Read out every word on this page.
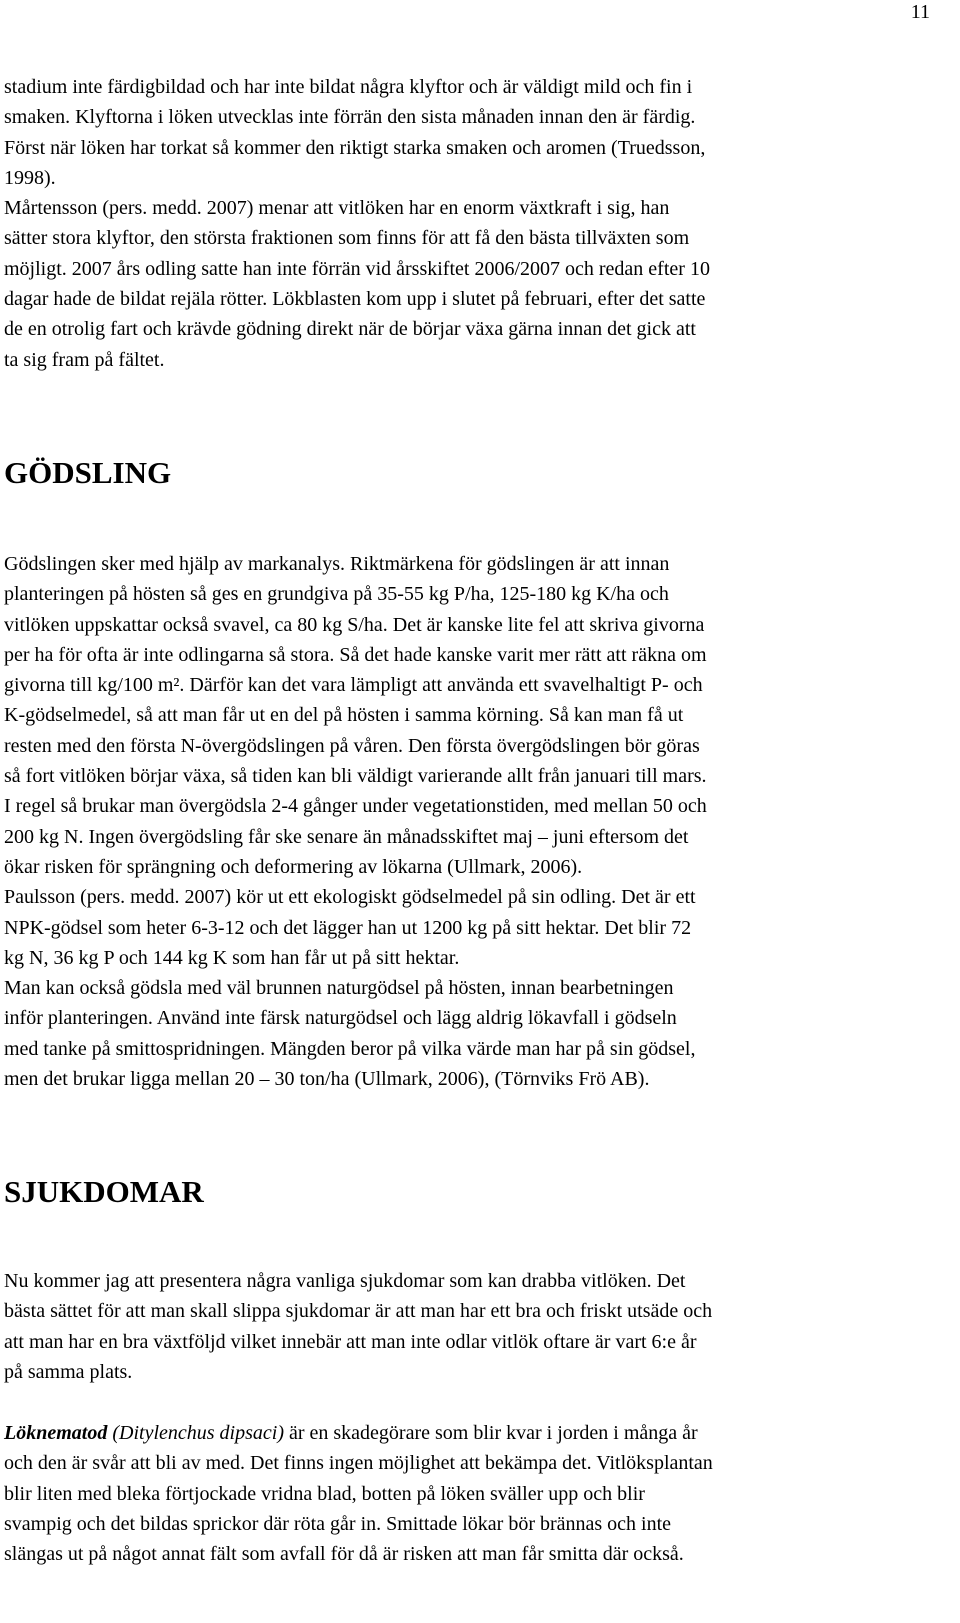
11
stadium inte färdigbildad och har inte bildat några klyftor och är väldigt mild och fin i
smaken. Klyftorna i löken utvecklas inte förrän den sista månaden innan den är färdig.
Först när löken har torkat så kommer den riktigt starka smaken och aromen (Truedsson,
1998).
Mårtensson (pers. medd. 2007) menar att vitlöken har en enorm växtkraft i sig, han
sätter stora klyftor, den största fraktionen som finns för att få den bästa tillväxten som
möjligt. 2007 års odling satte han inte förrän vid årsskiftet 2006/2007 och redan efter 10
dagar hade de bildat rejäla rötter. Lökblasten kom upp i slutet på februari, efter det satte
de en otrolig fart och krävde gödning direkt när de börjar växa gärna innan det gick att
ta sig fram på fältet.
GÖDSLING
Gödslingen sker med hjälp av markanalys. Riktmärkena för gödslingen är att innan
planteringen på hösten så ges en grundgiva på 35-55 kg P/ha, 125-180 kg K/ha och
vitlöken uppskattar också svavel, ca 80 kg S/ha. Det är kanske lite fel att skriva givorna
per ha för ofta är inte odlingarna så stora. Så det hade kanske varit mer rätt att räkna om
givorna till kg/100 m². Därför kan det vara lämpligt att använda ett svavelhaltigt P- och
K-gödselmedel, så att man får ut en del på hösten i samma körning. Så kan man få ut
resten med den första N-övergödslingen på våren. Den första övergödslingen bör göras
så fort vitlöken börjar växa, så tiden kan bli väldigt varierande allt från januari till mars.
I regel så brukar man övergödsla 2-4 gånger under vegetationstiden, med mellan 50 och
200 kg N. Ingen övergödsling får ske senare än månadsskiftet maj – juni eftersom det
ökar risken för sprängning och deformering av lökarna (Ullmark, 2006).
Paulsson (pers. medd. 2007) kör ut ett ekologiskt gödselmedel på sin odling. Det är ett
NPK-gödsel som heter 6-3-12 och det lägger han ut 1200 kg på sitt hektar. Det blir 72
kg N, 36 kg P och 144 kg K som han får ut på sitt hektar.
Man kan också gödsla med väl brunnen naturgödsel på hösten, innan bearbetningen
inför planteringen. Använd inte färsk naturgödsel och lägg aldrig lökavfall i gödseln
med tanke på smittospridningen. Mängden beror på vilka värde man har på sin gödsel,
men det brukar ligga mellan 20 – 30 ton/ha (Ullmark, 2006), (Törnviks Frö AB).
SJUKDOMAR
Nu kommer jag att presentera några vanliga sjukdomar som kan drabba vitlöken. Det
bästa sättet för att man skall slippa sjukdomar är att man har ett bra och friskt utsäde och
att man har en bra växtföljd vilket innebär att man inte odlar vitlök oftare är vart 6:e år
på samma plats.
Löknematod (Ditylenchus dipsaci) är en skadegörare som blir kvar i jorden i många år
och den är svår att bli av med. Det finns ingen möjlighet att bekämpa det. Vitlöksplantan
blir liten med bleka förtjockade vridna blad, botten på löken sväller upp och blir
svampig och det bildas sprickor där röta går in. Smittade lökar bör brännas och inte
slängas ut på något annat fält som avfall för då är risken att man får smitta där också.
